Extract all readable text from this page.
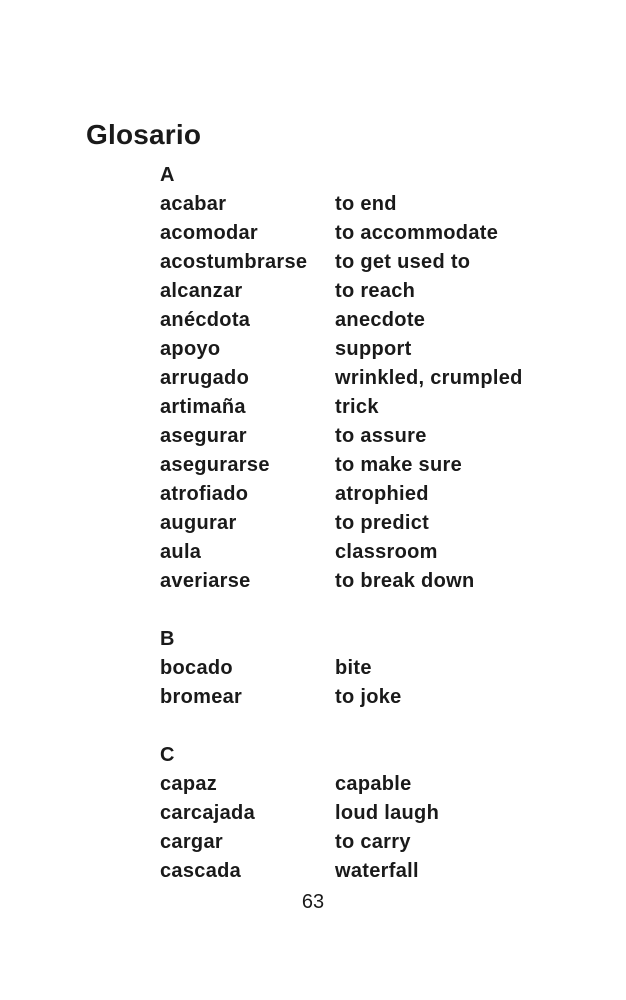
Glosario
A
acabar	to end
acomodar	to accommodate
acostumbrarse	to get used to
alcanzar	to reach
anécdota	anecdote
apoyo	support
arrugado	wrinkled, crumpled
artimaña	trick
asegurar	to assure
asegurarse	to make sure
atrofiado	atrophied
augurar	to predict
aula	classroom
averiarse	to break down
B
bocado	bite
bromear	to joke
C
capaz	capable
carcajada	loud laugh
cargar	to carry
cascada	waterfall
63
